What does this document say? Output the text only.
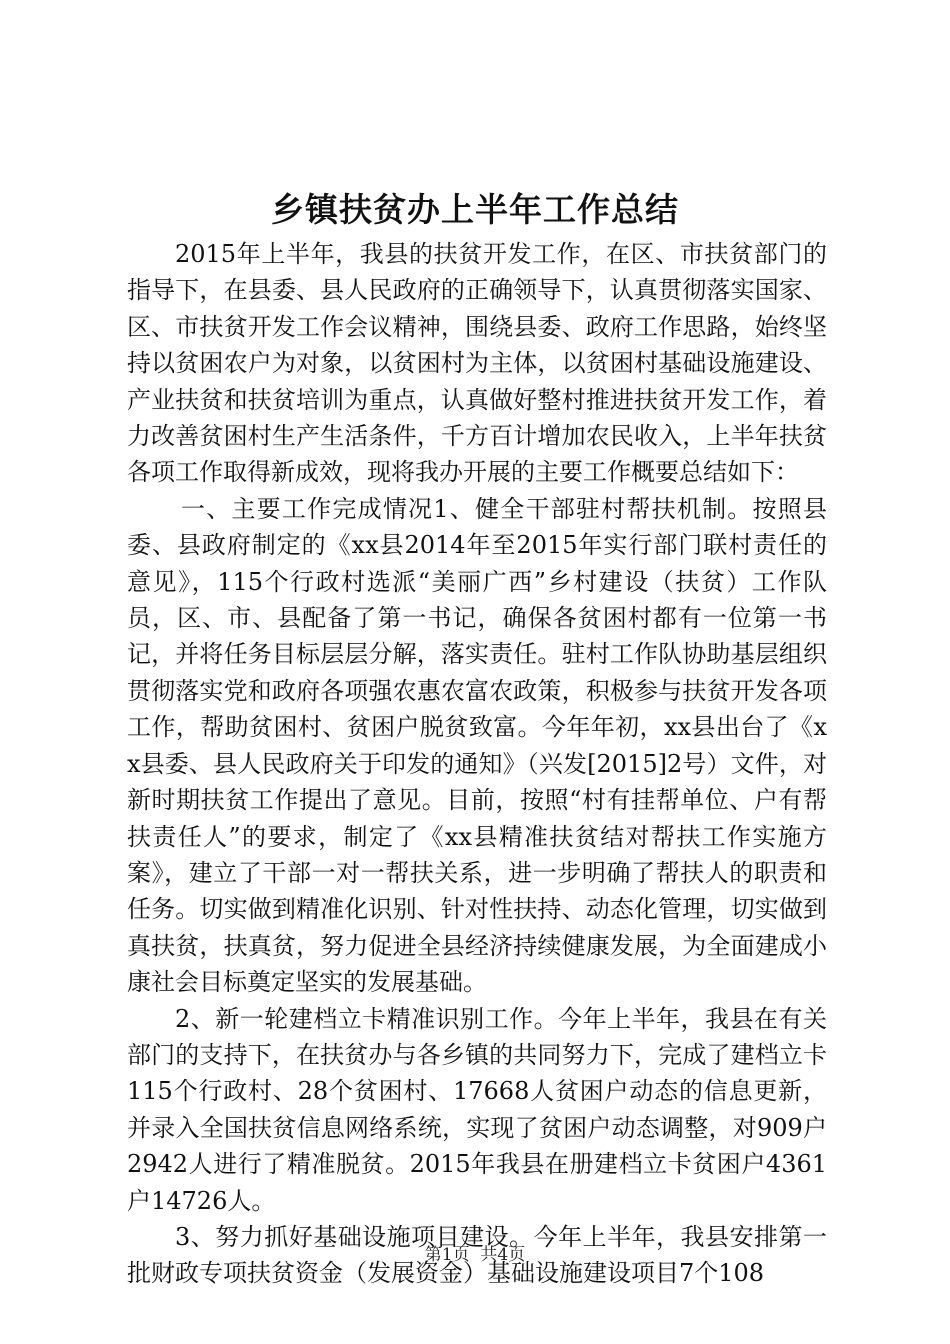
乡镇扶贫办上半年工作总结

2015年上半年，我县的扶贫开发工作，在区、市扶贫部门的指导下，在县委、县人民政府的正确领导下，认真贯彻落实国家、区、市扶贫开发工作会议精神，围绕县委、政府工作思路，始终坚持以贫困农户为对象，以贫困村为主体，以贫困村基础设施建设、产业扶贫和扶贫培训为重点，认真做好整村推进扶贫开发工作，着力改善贫困村生产生活条件，千方百计增加农民收入，上半年扶贫各项工作取得新成效，现将我办开展的主要工作概要总结如下：

一、主要工作完成情况1、健全干部驻村帮扶机制。按照县委、县政府制定的《xx县2014年至2015年实行部门联村责任的意见》，115个行政村选派“美丽广西”乡村建设（扶贫）工作队员，区、市、县配备了第一书记，确保各贫困村都有一位第一书记，并将任务目标层层分解，落实责任。驻村工作队协助基层组织贯彻落实党和政府各项强农惠农富农政策，积极参与扶贫开发各项工作，帮助贫困村、贫困户脱贫致富。今年年初，xx县出台了《xx县委、县人民政府关于印发的通知》（兴发[2015]2号）文件，对新时期扶贫工作提出了意见。目前，按照“村有挂帮单位、户有帮扶责任人”的要求，制定了《xx县精准扶贫结对帮扶工作实施方案》，建立了干部一对一帮扶关系，进一步明确了帮扶人的职责和任务。切实做到精准化识别、针对性扶持、动态化管理，切实做到真扶贫，扶真贫，努力促进全县经济持续健康发展，为全面建成小康社会目标奠定坚实的发展基础。

2、新一轮建档立卡精准识别工作。今年上半年，我县在有关部门的支持下，在扶贫办与各乡镇的共同努力下，完成了建档立卡115个行政村、28个贫困村、17668人贫困户动态的信息更新，并录入全国扶贫信息网络系统，实现了贫困户动态调整，对909户2942人进行了精准脱贫。2015年我县在册建档立卡贫困户4361户14726人。

3、努力抓好基础设施项目建设。今年上半年，我县安排第一批财政专项扶贫资金（发展资金）基础设施建设项目7个108

第1页 共4页
